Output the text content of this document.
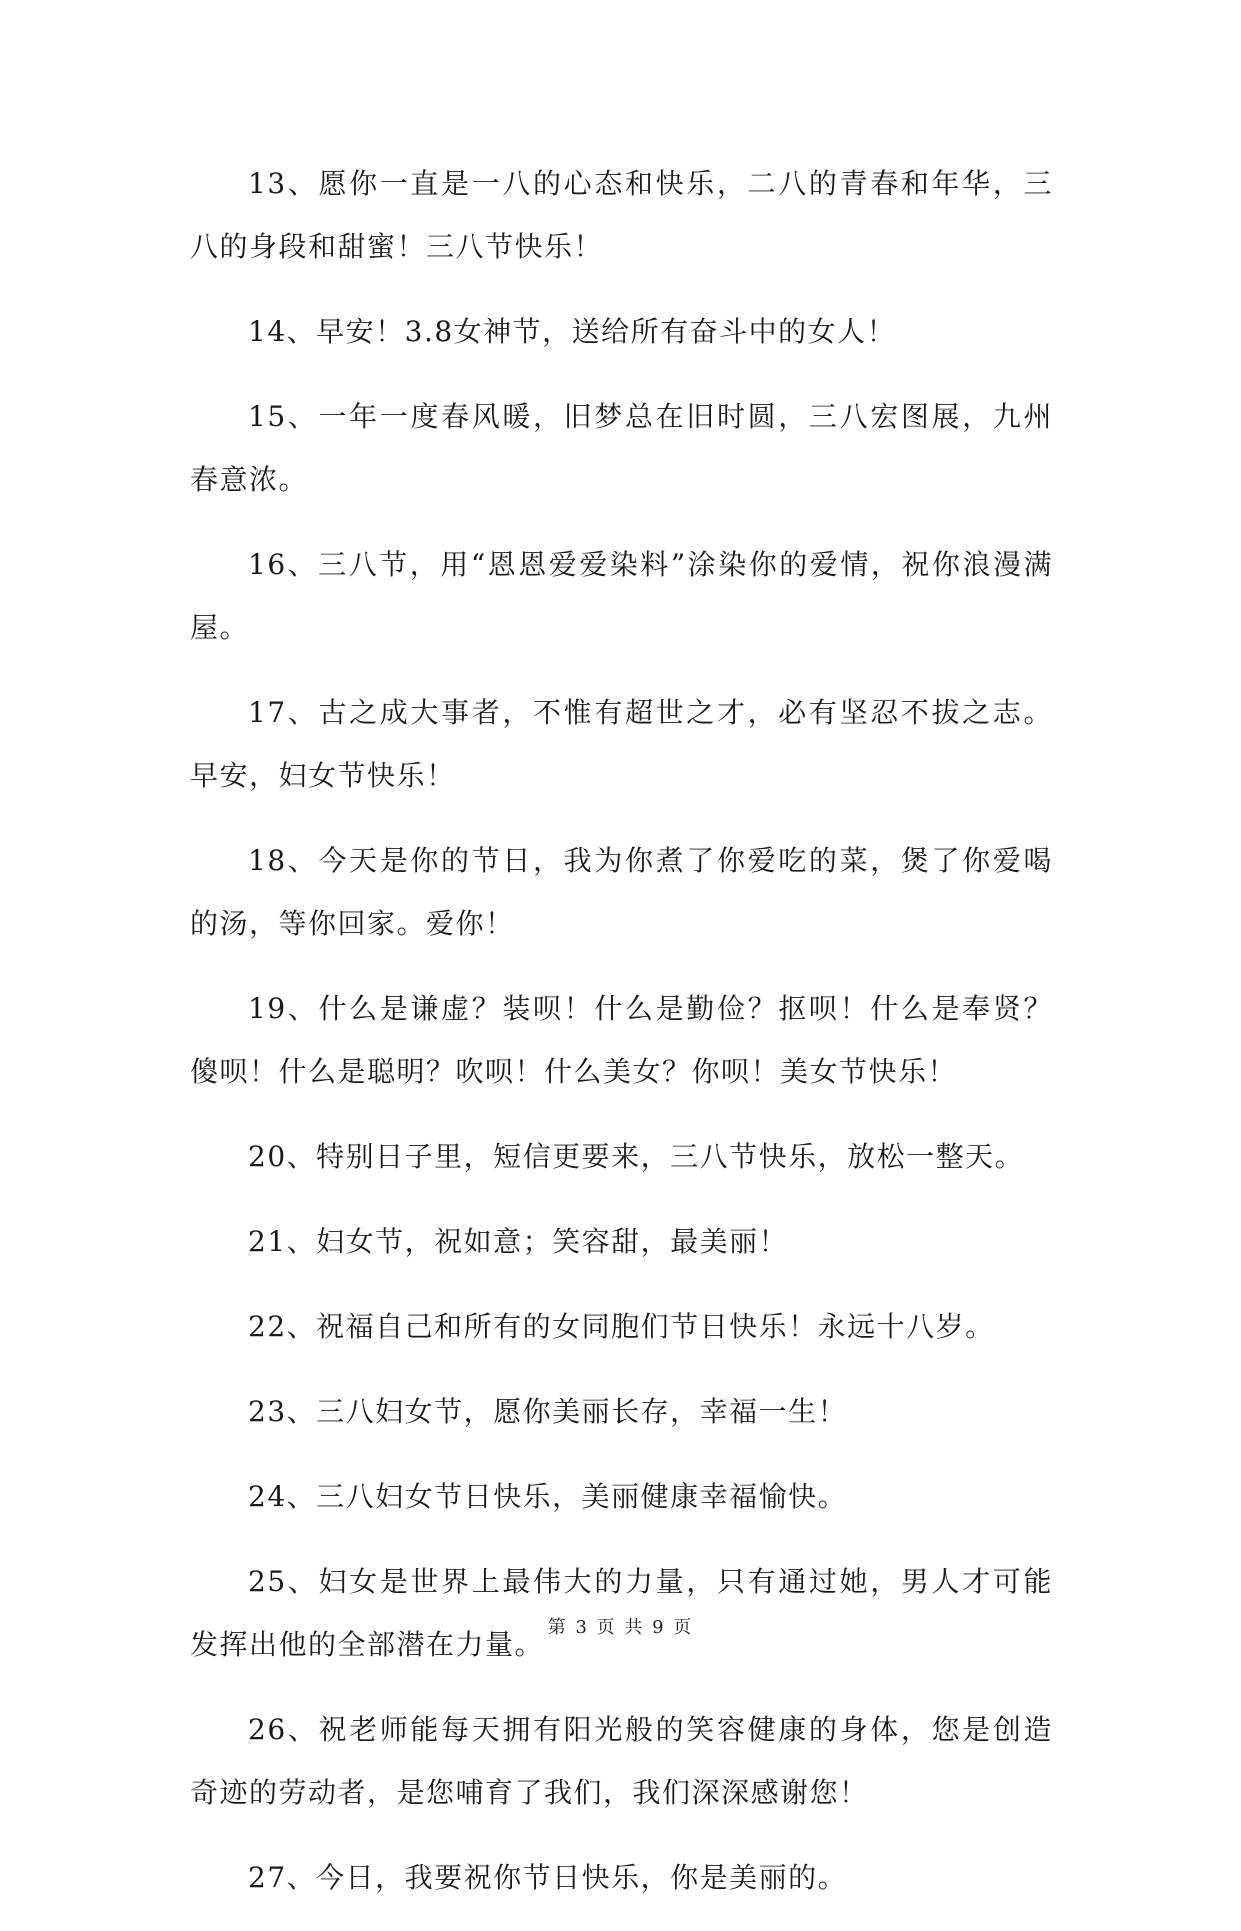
13、愿你一直是一八的心态和快乐，二八的青春和年华，三八的身段和甜蜜！三八节快乐！

14、早安！3.8女神节，送给所有奋斗中的女人！

15、一年一度春风暖，旧梦总在旧时圆，三八宏图展，九州春意浓。

16、三八节，用“恩恩爱爱染料”涂染你的爱情，祝你浪漫满屋。

17、古之成大事者，不惟有超世之才，必有坚忍不拔之志。早安，妇女节快乐！

18、今天是你的节日，我为你煮了你爱吃的菜，煲了你爱喝的汤，等你回家。爱你！

19、什么是谦虚？装呗！什么是勤俭？抠呗！什么是奉贤？傻呗！什么是聪明？吹呗！什么美女？你呗！美女节快乐！

20、特别日子里，短信更要来，三八节快乐，放松一整天。

21、妇女节，祝如意；笑容甜，最美丽！

22、祝福自己和所有的女同胞们节日快乐！永远十八岁。

23、三八妇女节，愿你美丽长存，幸福一生！

24、三八妇女节日快乐，美丽健康幸福愉快。

25、妇女是世界上最伟大的力量，只有通过她，男人才可能发挥出他的全部潜在力量。

26、祝老师能每天拥有阳光般的笑容健康的身体，您是创造奇迹的劳动者，是您哺育了我们，我们深深感谢您！

27、今日，我要祝你节日快乐，你是美丽的。

第 3 页 共 9 页
